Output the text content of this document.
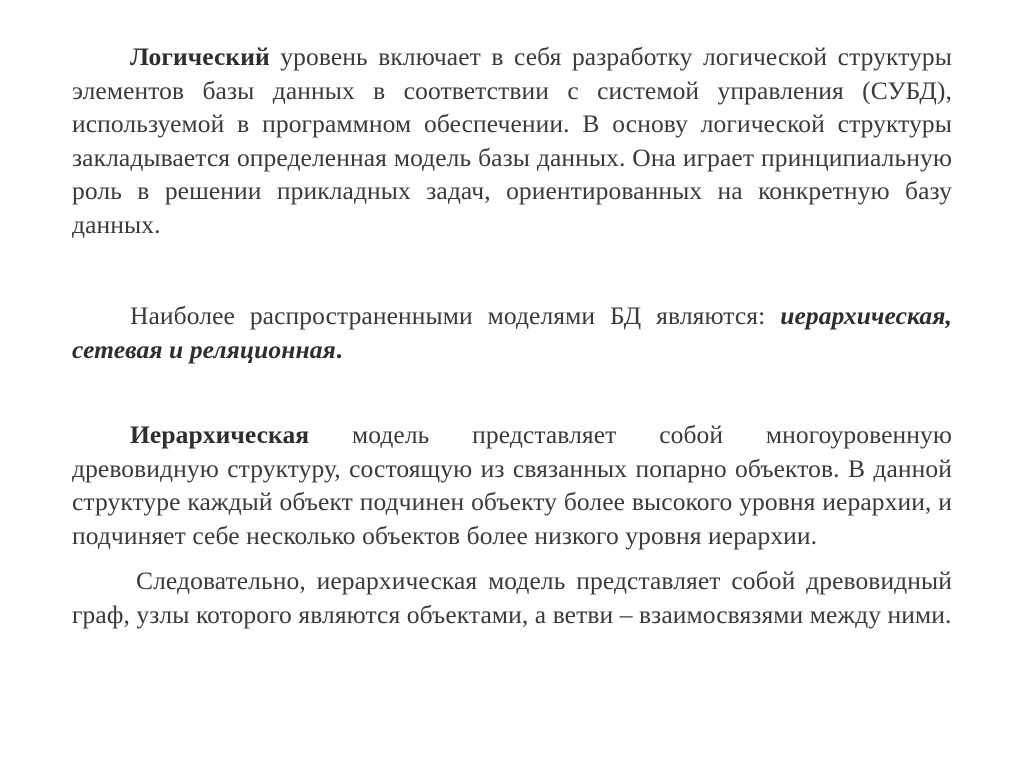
Логический уровень включает в себя разработку логической структуры элементов базы данных в соответствии с системой управления (СУБД), используемой в программном обеспечении. В основу логической структуры закладывается определенная модель базы данных. Она играет принципиальную роль в решении прикладных задач, ориентированных на конкретную базу данных.

Наиболее распространенными моделями БД являются: иерархическая, сетевая и реляционная.

Иерархическая модель представляет собой многоуровенную древовидную структуру, состоящую из связанных попарно объектов. В данной структуре каждый объект подчинен объекту более высокого уровня иерархии, и подчиняет себе несколько объектов более низкого уровня иерархии.

Следовательно, иерархическая модель представляет собой древовидный граф, узлы которого являются объектами, а ветви – взаимосвязями между ними.
